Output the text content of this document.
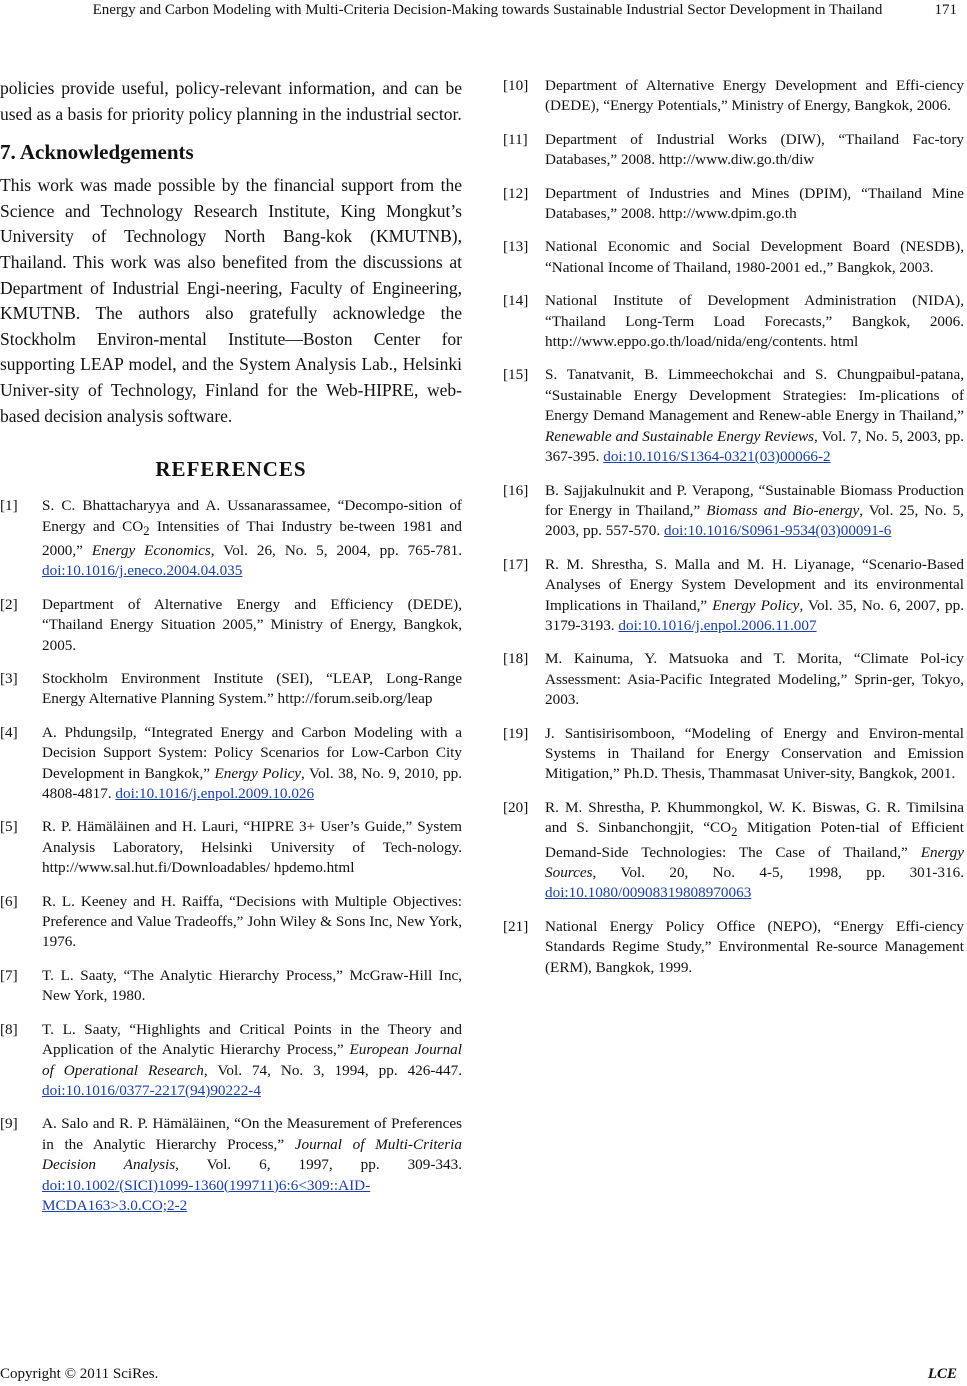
Energy and Carbon Modeling with Multi-Criteria Decision-Making towards Sustainable Industrial Sector Development in Thailand	171

policies provide useful, policy-relevant information, and can be used as a basis for priority policy planning in the industrial sector.

7. Acknowledgements

This work was made possible by the financial support from the Science and Technology Research Institute, King Mongkut’s University of Technology North Bang-kok (KMUTNB), Thailand. This work was also benefited from the discussions at Department of Industrial Engi-neering, Faculty of Engineering, KMUTNB. The authors also gratefully acknowledge the Stockholm Environ-mental Institute—Boston Center for supporting LEAP model, and the System Analysis Lab., Helsinki Univer-sity of Technology, Finland for the Web-HIPRE, web-based decision analysis software.

REFERENCES
[1]	S. C. Bhattacharyya and A. Ussanarassamee, “Decompo-sition of Energy and $CO_2$ Intensities of Thai Industry be-tween 1981 and 2000,” Energy Economics, Vol. 26, No. 5, 2004, pp. 765-781. doi:10.1016/j.eneco.2004.04.035
[2]	Department of Alternative Energy and Efficiency (DEDE), “Thailand Energy Situation 2005,” Ministry of Energy, Bangkok, 2005.
[3]	Stockholm Environment Institute (SEI), “LEAP, Long-Range Energy Alternative Planning System.” http://forum.seib.org/leap
[4]	A. Phdungsilp, “Integrated Energy and Carbon Modeling with a Decision Support System: Policy Scenarios for Low-Carbon City Development in Bangkok,” Energy Policy, Vol. 38, No. 9, 2010, pp. 4808-4817. doi:10.1016/j.enpol.2009.10.026
[5]	R. P. Hämäläinen and H. Lauri, “HIPRE 3+ User’s Guide,” System Analysis Laboratory, Helsinki University of Tech-nology. http://www.sal.hut.fi/Downloadables/ hpdemo.html
[6]	R. L. Keeney and H. Raiffa, “Decisions with Multiple Objectives: Preference and Value Tradeoffs,” John Wiley & Sons Inc, New York, 1976.
[7]	T. L. Saaty, “The Analytic Hierarchy Process,” McGraw-Hill Inc, New York, 1980.
[8]	T. L. Saaty, “Highlights and Critical Points in the Theory and Application of the Analytic Hierarchy Process,” European Journal of Operational Research, Vol. 74, No. 3, 1994, pp. 426-447. doi:10.1016/0377-2217(94)90222-4
[9]	A. Salo and R. P. Hämäläinen, “On the Measurement of Preferences in the Analytic Hierarchy Process,” Journal of Multi-Criteria Decision Analysis, Vol. 6, 1997, pp. 309-343. doi:10.1002/(SICI)1099-1360(199711)6:6<309::AID-MCDA163>3.0.CO;2-2
[10]	Department of Alternative Energy Development and Effi-ciency (DEDE), “Energy Potentials,” Ministry of Energy, Bangkok, 2006.
[11]	Department of Industrial Works (DIW), “Thailand Fac-tory Databases,” 2008. http://www.diw.go.th/diw
[12]	Department of Industries and Mines (DPIM), “Thailand Mine Databases,” 2008. http://www.dpim.go.th
[13]	National Economic and Social Development Board (NESDB), “National Income of Thailand, 1980-2001 ed.,” Bangkok, 2003.
[14]	National Institute of Development Administration (NIDA), “Thailand Long-Term Load Forecasts,” Bangkok, 2006. http://www.eppo.go.th/load/nida/eng/contents. html
[15]	S. Tanatvanit, B. Limmeechokchai and S. Chungpaibul-patana, “Sustainable Energy Development Strategies: Im-plications of Energy Demand Management and Renew-able Energy in Thailand,” Renewable and Sustainable Energy Reviews, Vol. 7, No. 5, 2003, pp. 367-395. doi:10.1016/S1364-0321(03)00066-2
[16]	B. Sajjakulnukit and P. Verapong, “Sustainable Biomass Production for Energy in Thailand,” Biomass and Bio-energy, Vol. 25, No. 5, 2003, pp. 557-570. doi:10.1016/S0961-9534(03)00091-6
[17]	R. M. Shrestha, S. Malla and M. H. Liyanage, “Scenario-Based Analyses of Energy System Development and its environmental Implications in Thailand,” Energy Policy, Vol. 35, No. 6, 2007, pp. 3179-3193. doi:10.1016/j.enpol.2006.11.007
[18]	M. Kainuma, Y. Matsuoka and T. Morita, “Climate Pol-icy Assessment: Asia-Pacific Integrated Modeling,” Sprin-ger, Tokyo, 2003.
[19]	J. Santisirisomboon, “Modeling of Energy and Environ-mental Systems in Thailand for Energy Conservation and Emission Mitigation,” Ph.D. Thesis, Thammasat Univer-sity, Bangkok, 2001.
[20]	R. M. Shrestha, P. Khummongkol, W. K. Biswas, G. R. Timilsina and S. Sinbanchongjit, “$CO_2$ Mitigation Poten-tial of Efficient Demand-Side Technologies: The Case of Thailand,” Energy Sources, Vol. 20, No. 4-5, 1998, pp. 301-316. doi:10.1080/00908319808970063
[21]	National Energy Policy Office (NEPO), “Energy Effi-ciency Standards Regime Study,” Environmental Re-source Management (ERM), Bangkok, 1999.
Copyright © 2011 SciRes.	LCE
